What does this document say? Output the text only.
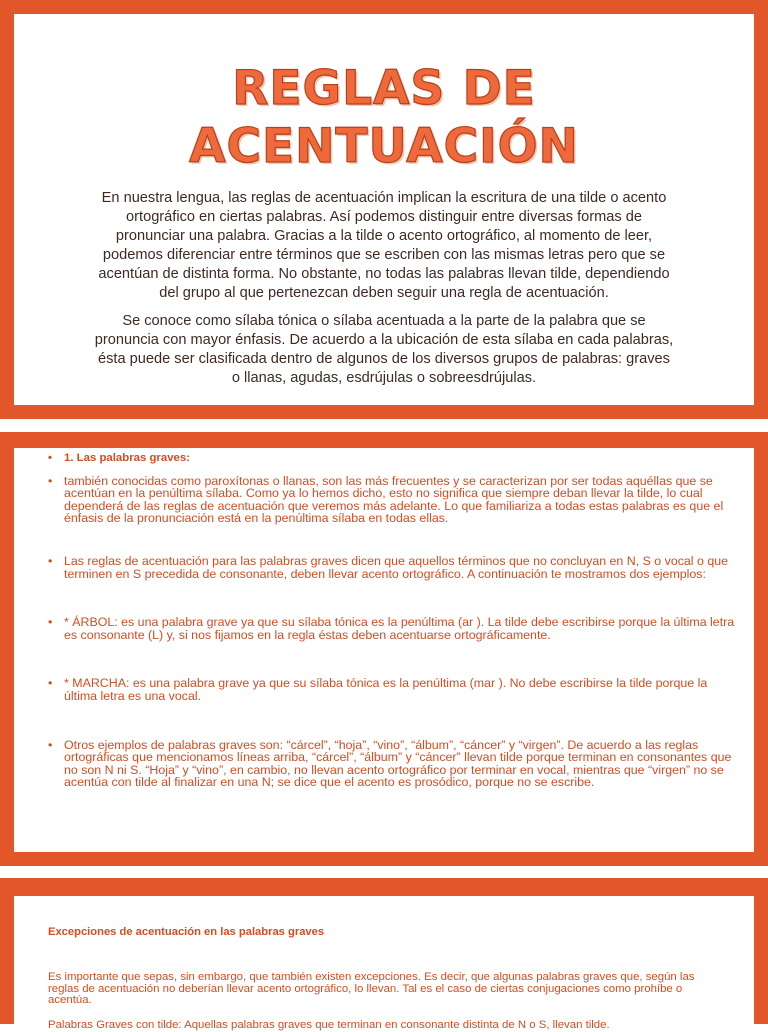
REGLAS DE
ACENTUACIÓN

En nuestra lengua, las reglas de acentuación implican la escritura de una tilde o acento ortográfico en ciertas palabras. Así podemos distinguir entre diversas formas de pronunciar una palabra. Gracias a la tilde o acento ortográfico, al momento de leer, podemos diferenciar entre términos que se escriben con las mismas letras pero que se acentúan de distinta forma. No obstante, no todas las palabras llevan tilde, dependiendo del grupo al que pertenezcan deben seguir una regla de acentuación.

Se conoce como sílaba tónica o sílaba acentuada a la parte de la palabra que se pronuncia con mayor énfasis. De acuerdo a la ubicación de esta sílaba en cada palabras, ésta puede ser clasificada dentro de algunos de los diversos grupos de palabras: graves o llanas, agudas, esdrújulas o sobreesdrújulas.

• 1. Las palabras graves:
• también conocidas como paroxítonas o llanas, son las más frecuentes y se caracterizan por ser todas aquéllas que se acentúan en la penúltima sílaba. Como ya lo hemos dicho, esto no significa que siempre deban llevar la tilde, lo cual dependerá de las reglas de acentuación que veremos más adelante. Lo que familiariza a todas estas palabras es que el énfasis de la pronunciación está en la penúltima sílaba en todas ellas.
• Las reglas de acentuación para las palabras graves dicen que aquellos términos que no concluyan en N, S o vocal o que terminen en S precedida de consonante, deben llevar acento ortográfico. A continuación te mostramos dos ejemplos:
• * ÁRBOL: es una palabra grave ya que su sílaba tónica es la penúltima (ar ). La tilde debe escribirse porque la última letra es consonante (L) y, si nos fijamos en la regla éstas deben acentuarse ortográficamente.
• * MARCHA: es una palabra grave ya que su sílaba tónica es la penúltima (mar ). No debe escribirse la tilde porque la última letra es una vocal.
• Otros ejemplos de palabras graves son: “cárcel”, “hoja”, “vino”, “álbum”, “cáncer” y “virgen”. De acuerdo a las reglas ortográficas que mencionamos líneas arriba, “cárcel”, “álbum” y “cáncer” llevan tilde porque terminan en consonantes que no son N ni S. “Hoja” y “vino”, en cambio, no llevan acento ortográfico por terminar en vocal, mientras que “virgen” no se acentúa con tilde al finalizar en una N; se dice que el acento es prosódico, porque no se escribe.
Excepciones de acentuación en las palabras graves

Es importante que sepas, sin embargo, que también existen excepciones. Es decir, que algunas palabras graves que, según las reglas de acentuación no deberían llevar acento ortográfico, lo llevan. Tal es el caso de ciertas conjugaciones como prohíbe o acentúa.

Palabras Graves con tilde: Aquellas palabras graves que terminan en consonante distinta de N o S, llevan tilde.
